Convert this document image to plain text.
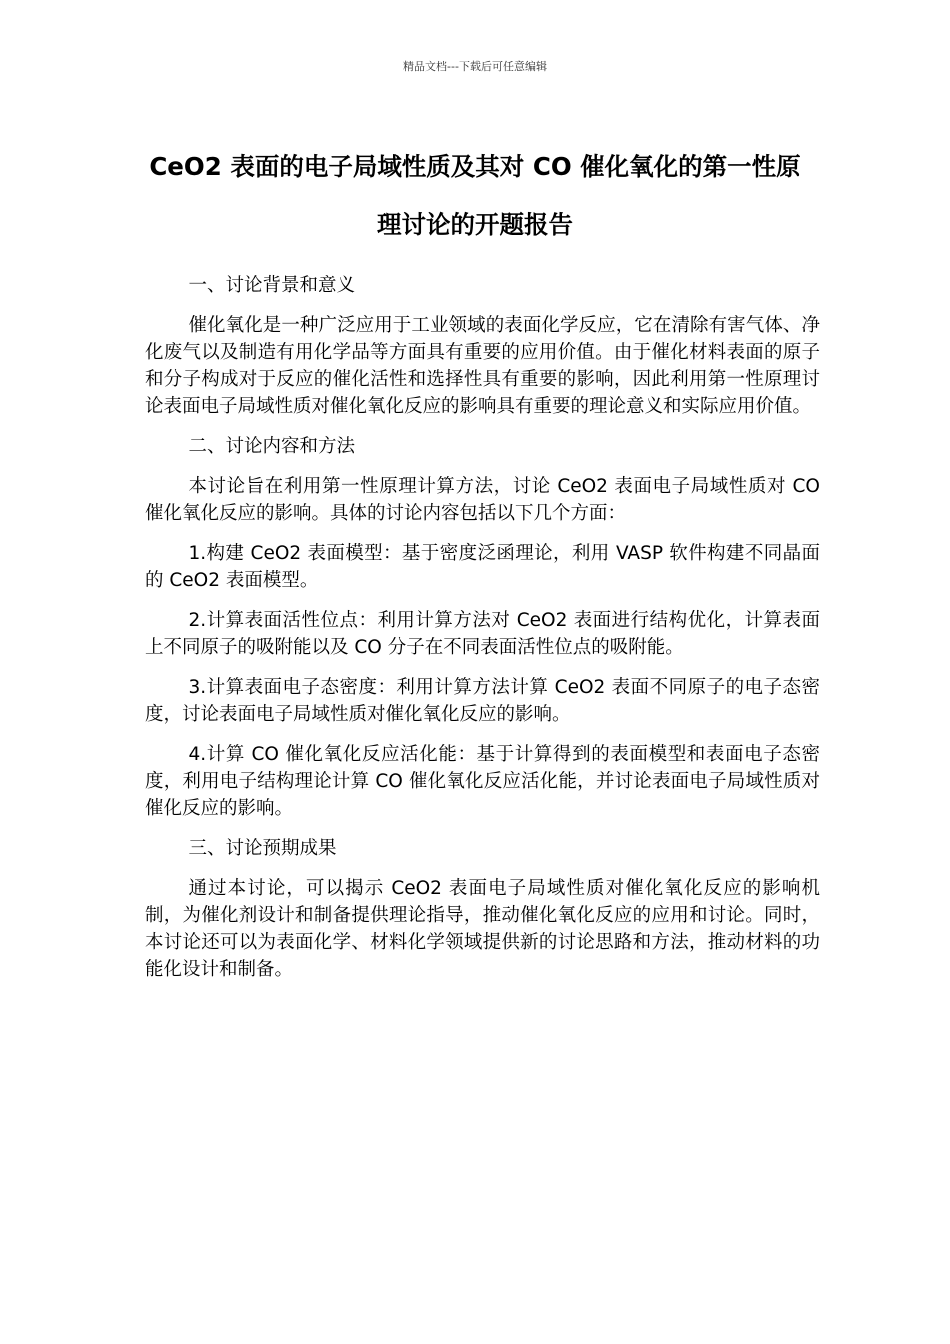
精品文档---下载后可任意编辑
CeO2 表面的电子局域性质及其对 CO 催化氧化的第一性原理讨论的开题报告

一、讨论背景和意义

催化氧化是一种广泛应用于工业领域的表面化学反应，它在清除有害气体、净化废气以及制造有用化学品等方面具有重要的应用价值。由于催化材料表面的原子和分子构成对于反应的催化活性和选择性具有重要的影响，因此利用第一性原理讨论表面电子局域性质对催化氧化反应的影响具有重要的理论意义和实际应用价值。

二、讨论内容和方法

本讨论旨在利用第一性原理计算方法，讨论 CeO2 表面电子局域性质对 CO 催化氧化反应的影响。具体的讨论内容包括以下几个方面：

1.构建 CeO2 表面模型：基于密度泛函理论，利用 VASP 软件构建不同晶面的 CeO2 表面模型。

2.计算表面活性位点：利用计算方法对 CeO2 表面进行结构优化，计算表面上不同原子的吸附能以及 CO 分子在不同表面活性位点的吸附能。

3.计算表面电子态密度：利用计算方法计算 CeO2 表面不同原子的电子态密度，讨论表面电子局域性质对催化氧化反应的影响。

4.计算 CO 催化氧化反应活化能：基于计算得到的表面模型和表面电子态密度，利用电子结构理论计算 CO 催化氧化反应活化能，并讨论表面电子局域性质对催化反应的影响。

三、讨论预期成果

通过本讨论，可以揭示 CeO2 表面电子局域性质对催化氧化反应的影响机制，为催化剂设计和制备提供理论指导，推动催化氧化反应的应用和讨论。同时，本讨论还可以为表面化学、材料化学领域提供新的讨论思路和方法，推动材料的功能化设计和制备。
